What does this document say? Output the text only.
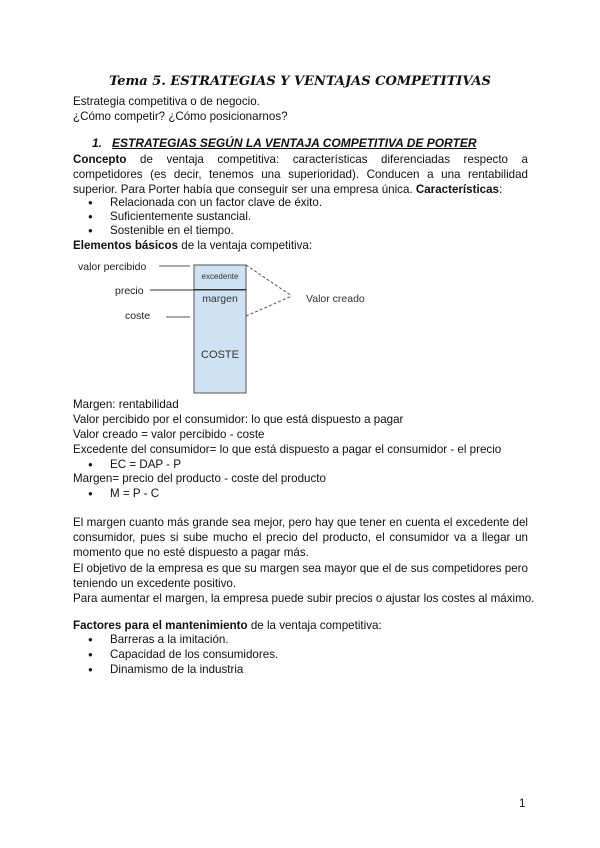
Tema 5. ESTRATEGIAS Y VENTAJAS COMPETITIVAS
Estrategia competitiva o de negocio.
¿Cómo competir? ¿Cómo posicionarnos?
1. ESTRATEGIAS SEGÚN LA VENTAJA COMPETITIVA DE PORTER
Concepto de ventaja competitiva: características diferenciadas respecto a competidores (es decir, tenemos una superioridad). Conducen a una rentabilidad superior. Para Porter había que conseguir ser una empresa única. Características:
● Relacionada con un factor clave de éxito.
● Suficientemente sustancial.
● Sostenible en el tiempo.
Elementos básicos de la ventaja competitiva:
valor percibido
precio
coste
excedente
margen
COSTE
Valor creado
Margen: rentabilidad
Valor percibido por el consumidor: lo que está dispuesto a pagar
Valor creado = valor percibido - coste
Excedente del consumidor= lo que está dispuesto a pagar el consumidor - el precio
● EC = DAP - P
Margen= precio del producto - coste del producto
● M = P - C
El margen cuanto más grande sea mejor, pero hay que tener en cuenta el excedente del consumidor, pues si sube mucho el precio del producto, el consumidor va a llegar un momento que no esté dispuesto a pagar más.
El objetivo de la empresa es que su margen sea mayor que el de sus competidores pero teniendo un excedente positivo.
Para aumentar el margen, la empresa puede subir precios o ajustar los costes al máximo.
Factores para el mantenimiento de la ventaja competitiva:
● Barreras a la imitación.
● Capacidad de los consumidores.
● Dinamismo de la industria
1
